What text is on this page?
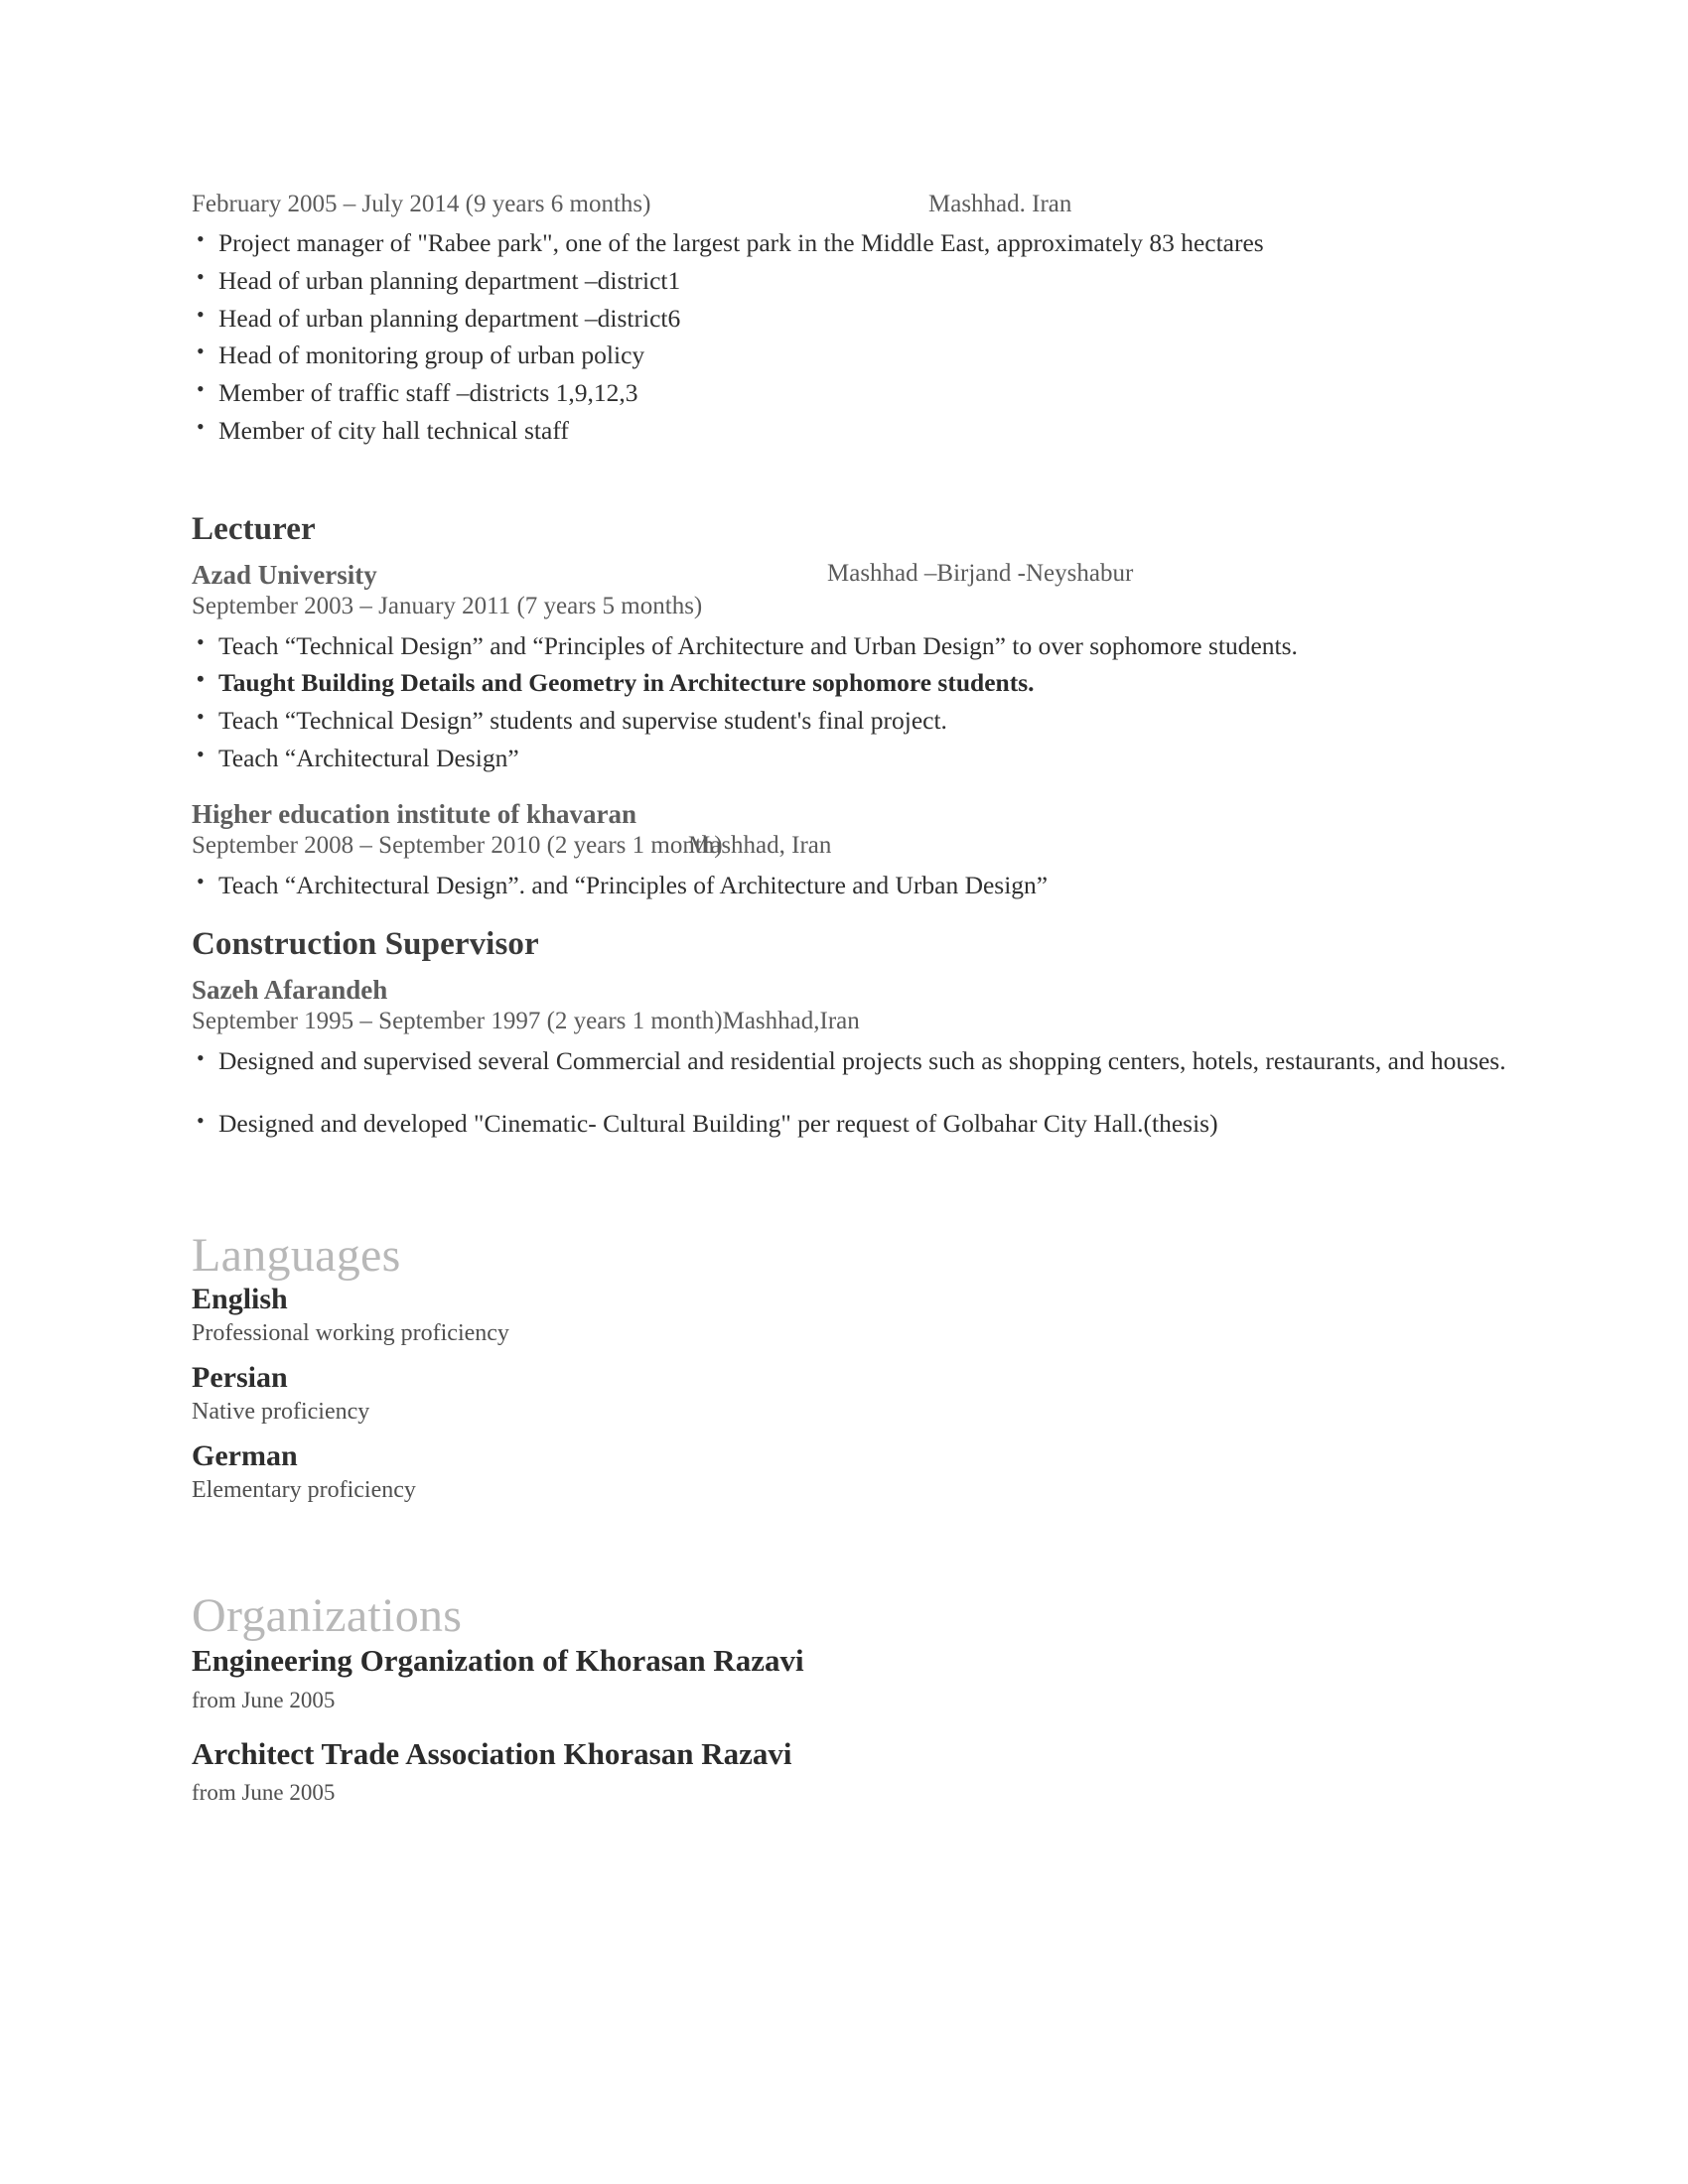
February 2005 – July 2014 (9 years 6 months)	Mashhad. Iran
• Project manager of "Rabee park", one of the largest park in the Middle East, approximately 83 hectares
• Head of urban planning department –district1
• Head of urban planning department –district6
• Head of monitoring group of urban policy
• Member of traffic staff –districts 1,9,12,3
• Member of city hall technical staff
Lecturer
Azad University	Mashhad –Birjand -Neyshabur
September 2003 – January 2011 (7 years 5 months)
• Teach “Technical Design” and “Principles of Architecture and Urban Design” to over sophomore students.
• Taught Building Details and Geometry in Architecture sophomore students.
• Teach “Technical Design” students and supervise student's final project.
• Teach “Architectural Design”
Higher education institute of khavaran
September 2008 – September 2010 (2 years 1 month)
Mashhad, Iran
• Teach “Architectural Design”. and “Principles of Architecture and Urban Design”
Construction Supervisor
Sazeh Afarandeh
September 1995 – September 1997 (2 years 1 month)Mashhad,Iran
• Designed and supervised several Commercial and residential projects such as shopping centers, hotels, restaurants, and houses.
• Designed and developed "Cinematic- Cultural Building" per request of Golbahar City Hall.(thesis)
Languages
English
Professional working proficiency
Persian
Native proficiency
German
Elementary proficiency
Organizations
Engineering Organization of Khorasan Razavi
from June 2005
Architect Trade Association Khorasan Razavi
from June 2005
